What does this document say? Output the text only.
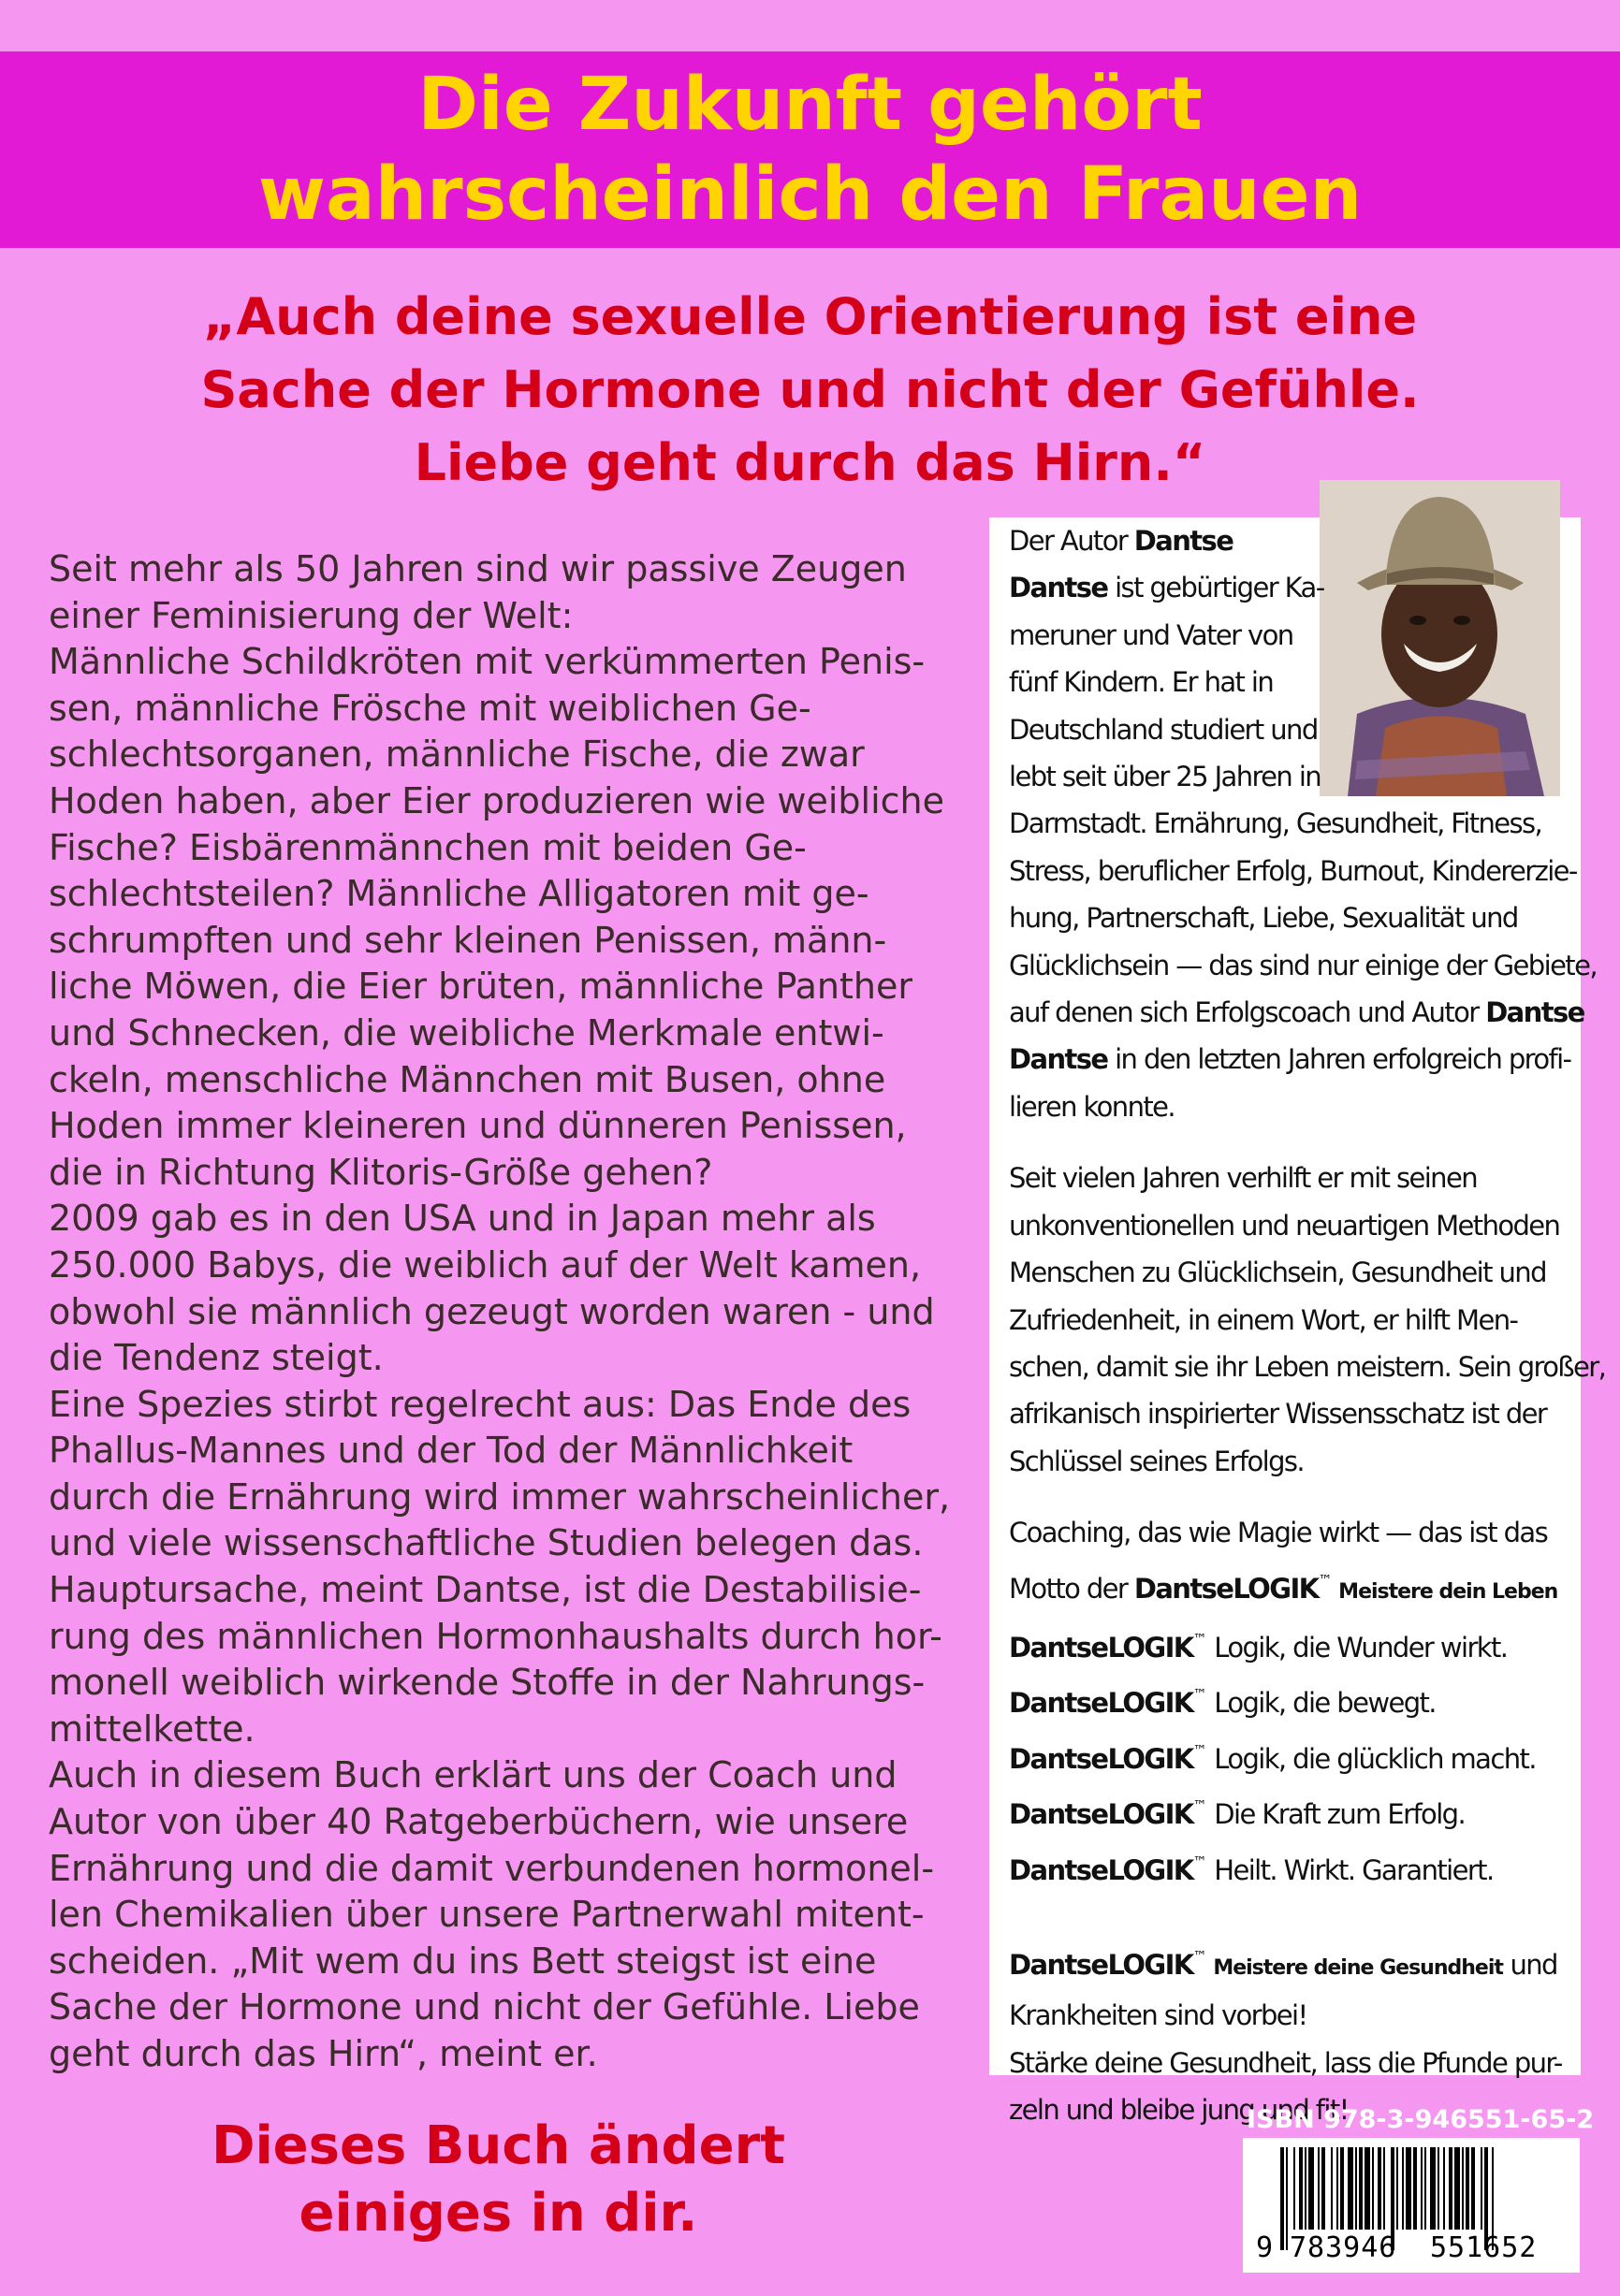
Die Zukunft gehört
wahrscheinlich den Frauen
„Auch deine sexuelle Orientierung ist eine
Sache der Hormone und nicht der Gefühle.
Liebe geht durch das Hirn.“
Seit mehr als 50 Jahren sind wir passive Zeugen
einer Feminisierung der Welt:
Männliche Schildkröten mit verkümmerten Penis-
sen, männliche Frösche mit weiblichen Ge-
schlechtsorganen, männliche Fische, die zwar
Hoden haben, aber Eier produzieren wie weibliche
Fische? Eisbärenmännchen mit beiden Ge-
schlechtsteilen? Männliche Alligatoren mit ge-
schrumpften und sehr kleinen Penissen, männ-
liche Möwen, die Eier brüten, männliche Panther
und Schnecken, die weibliche Merkmale entwi-
ckeln, menschliche Männchen mit Busen, ohne
Hoden immer kleineren und dünneren Penissen,
die in Richtung Klitoris-Größe gehen?
2009 gab es in den USA und in Japan mehr als
250.000 Babys, die weiblich auf der Welt kamen,
obwohl sie männlich gezeugt worden waren - und
die Tendenz steigt.
Eine Spezies stirbt regelrecht aus: Das Ende des
Phallus-Mannes und der Tod der Männlichkeit
durch die Ernährung wird immer wahrscheinlicher,
und viele wissenschaftliche Studien belegen das.
Hauptursache, meint Dantse, ist die Destabilisie-
rung des männlichen Hormonhaushalts durch hor-
monell weiblich wirkende Stoffe in der Nahrungs-
mittelkette.
Auch in diesem Buch erklärt uns der Coach und
Autor von über 40 Ratgeberbüchern, wie unsere
Ernährung und die damit verbundenen hormonel-
len Chemikalien über unsere Partnerwahl mitent-
scheiden. „Mit wem du ins Bett steigst ist eine
Sache der Hormone und nicht der Gefühle. Liebe
geht durch das Hirn“, meint er.
Dieses Buch ändert
einiges in dir.
Der Autor Dantse
Dantse ist gebürtiger Ka-
meruner und Vater von
fünf Kindern. Er hat in
Deutschland studiert und
lebt seit über 25 Jahren in
Darmstadt. Ernährung, Gesundheit, Fitness,
Stress, beruflicher Erfolg, Burnout, Kindererzie-
hung, Partnerschaft, Liebe, Sexualität und
Glücklichsein — das sind nur einige der Gebiete,
auf denen sich Erfolgscoach und Autor Dantse
Dantse in den letzten Jahren erfolgreich profi-
lieren konnte.
Seit vielen Jahren verhilft er mit seinen
unkonventionellen und neuartigen Methoden
Menschen zu Glücklichsein, Gesundheit und
Zufriedenheit, in einem Wort, er hilft Men-
schen, damit sie ihr Leben meistern. Sein großer,
afrikanisch inspirierter Wissensschatz ist der
Schlüssel seines Erfolgs.
Coaching, das wie Magie wirkt — das ist das
Motto der DantseLOGIK™ Meistere dein Leben
DantseLOGIK™ Logik, die Wunder wirkt.
DantseLOGIK™ Logik, die bewegt.
DantseLOGIK™ Logik, die glücklich macht.
DantseLOGIK™ Die Kraft zum Erfolg.
DantseLOGIK™ Heilt. Wirkt. Garantiert.
DantseLOGIK™ Meistere deine Gesundheit und
Krankheiten sind vorbei!
Stärke deine Gesundheit, lass die Pfunde pur-
zeln und bleibe jung und fit!
ISBN 978-3-946551-65-2
9 783946 551652
